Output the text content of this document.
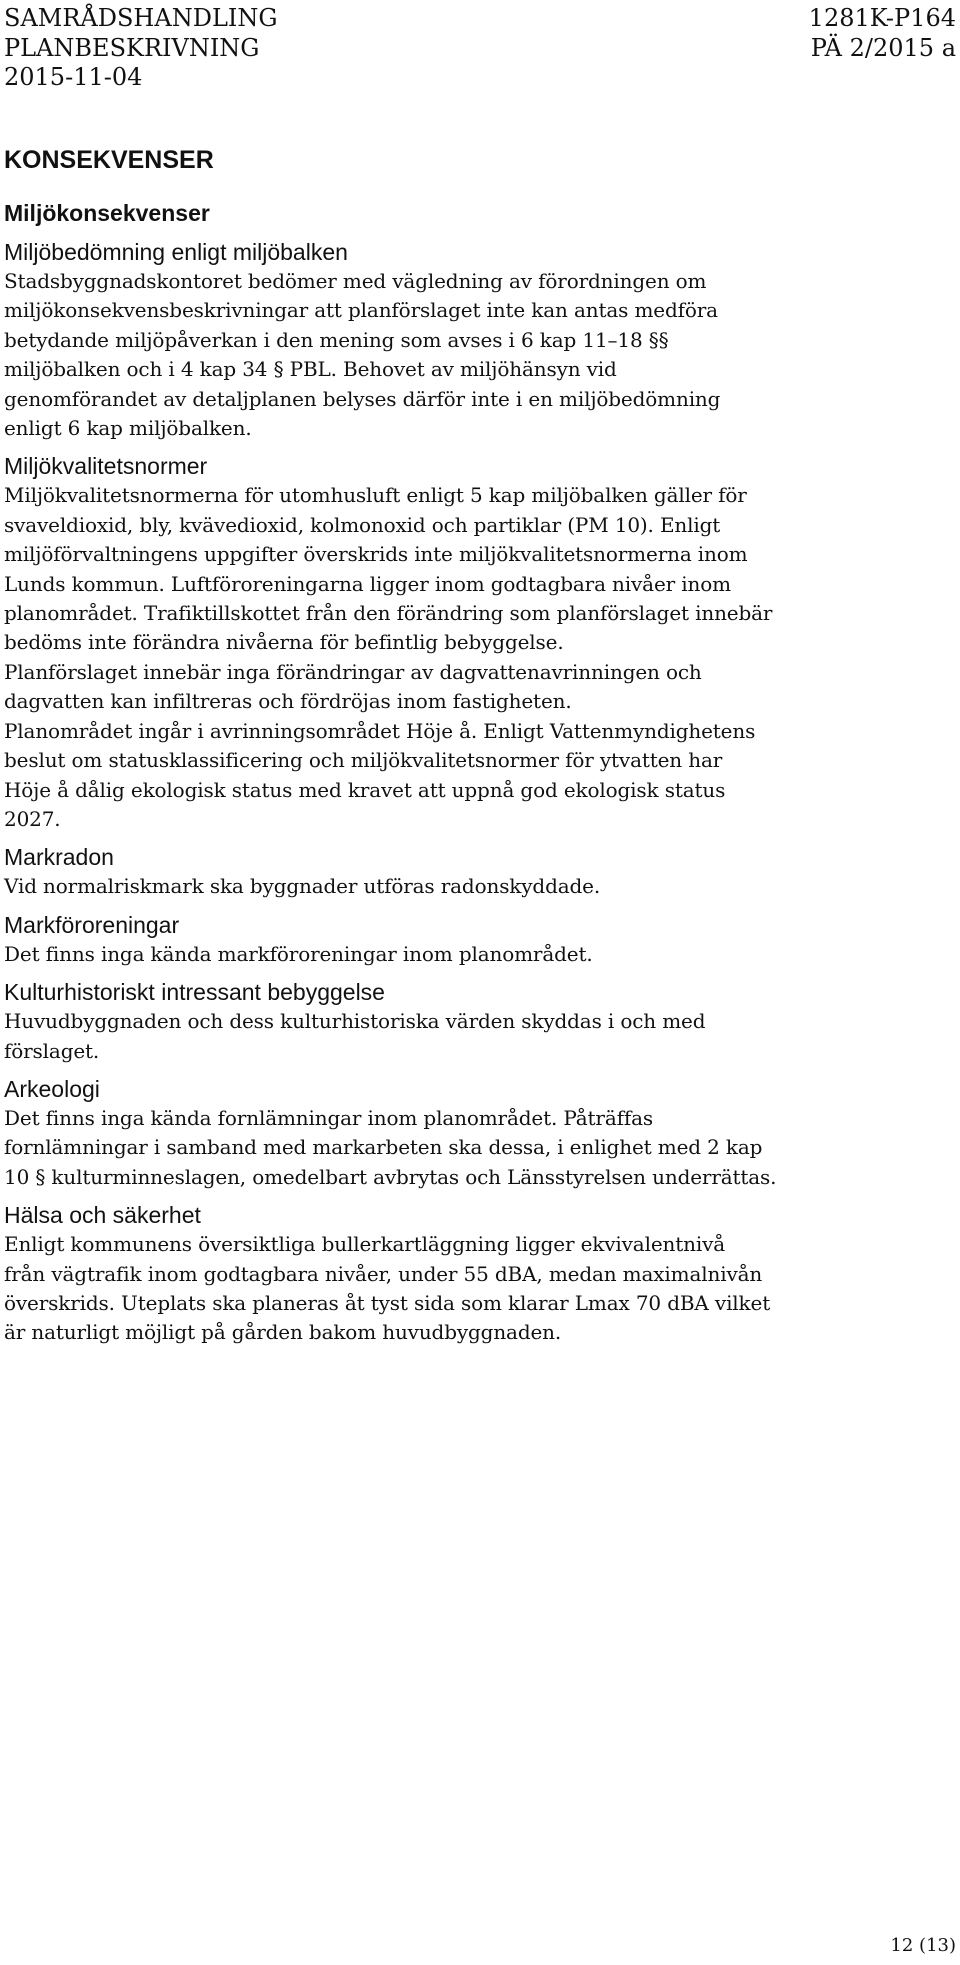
SAMRÅDSHANDLING	1281K-P164
PLANBESKRIVNING	PÄ 2/2015 a
2015-11-04
KONSEKVENSER
Miljökonsekvenser
Miljöbedömning enligt miljöbalken

Stadsbyggnadskontoret bedömer med vägledning av förordningen om
miljökonsekvensbeskrivningar att planförslaget inte kan antas medföra
betydande miljöpåverkan i den mening som avses i 6 kap 11–18 §§
miljöbalken och i 4 kap 34 § PBL. Behovet av miljöhänsyn vid
genomförandet av detaljplanen belyses därför inte i en miljöbedömning
enligt 6 kap miljöbalken.

Miljökvalitetsnormer

Miljökvalitetsnormerna för utomhusluft enligt 5 kap miljöbalken gäller för
svaveldioxid, bly, kvävedioxid, kolmonoxid och partiklar (PM 10). Enligt
miljöförvaltningens uppgifter överskrids inte miljökvalitetsnormerna inom
Lunds kommun. Luftföroreningarna ligger inom godtagbara nivåer inom
planområdet. Trafiktillskottet från den förändring som planförslaget innebär
bedöms inte förändra nivåerna för befintlig bebyggelse.

Planförslaget innebär inga förändringar av dagvattenavrinningen och
dagvatten kan infiltreras och fördröjas inom fastigheten.

Planområdet ingår i avrinningsområdet Höje å. Enligt Vattenmyndighetens
beslut om statusklassificering och miljökvalitetsnormer för ytvatten har
Höje å dålig ekologisk status med kravet att uppnå god ekologisk status
2027.

Markradon

Vid normalriskmark ska byggnader utföras radonskyddade.

Markföroreningar

Det finns inga kända markföroreningar inom planområdet.

Kulturhistoriskt intressant bebyggelse

Huvudbyggnaden och dess kulturhistoriska värden skyddas i och med
förslaget.

Arkeologi

Det finns inga kända fornlämningar inom planområdet. Påträffas
fornlämningar i samband med markarbeten ska dessa, i enlighet med 2 kap
10 § kulturminneslagen, omedelbart avbrytas och Länsstyrelsen underrättas.

Hälsa och säkerhet

Enligt kommunens översiktliga bullerkartläggning ligger ekvivalentnivå
från vägtrafik inom godtagbara nivåer, under 55 dBA, medan maximalnivån
överskrids. Uteplats ska planeras åt tyst sida som klarar Lmax 70 dBA vilket
är naturligt möjligt på gården bakom huvudbyggnaden.

12 (13)
